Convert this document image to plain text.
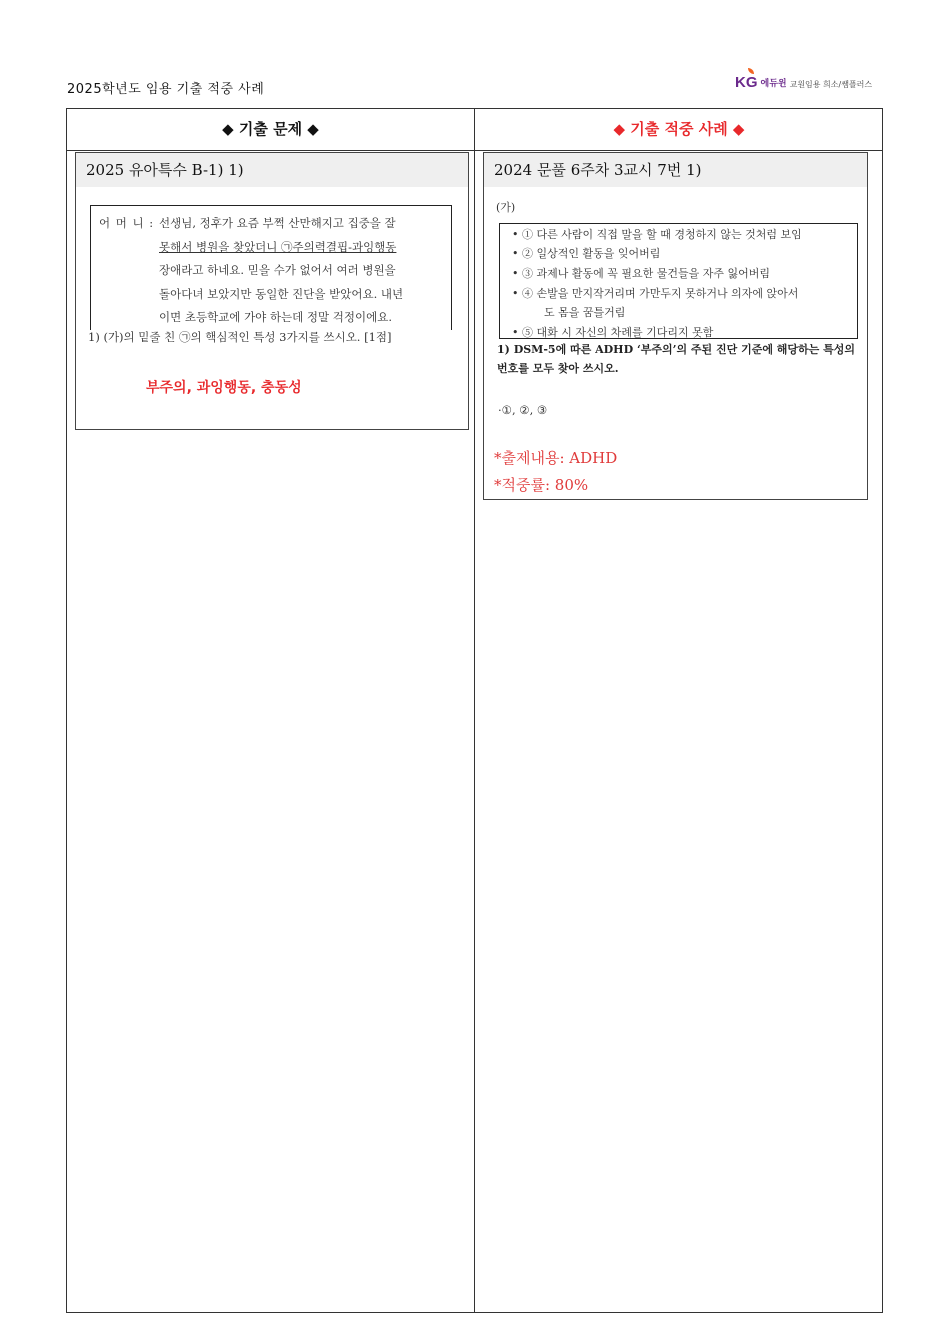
2025학년도 임용 기출 적중 사례	KG 에듀윈 교원임용 희소/쌤플러스
◆ 기출 문제 ◆	◆ 기출 적중 사례 ◆
2025 유아특수 B-1) 1)
어 머 니 : 선생님, 정후가 요즘 부쩍 산만해지고 집중을 잘
못해서 병원을 찾았더니 ㉠주의력결핍-과잉행동
장애라고 하네요. 믿을 수가 없어서 여러 병원을
돌아다녀 보았지만 동일한 진단을 받았어요. 내년
이면 초등학교에 가야 하는데 정말 걱정이에요.
1) (가)의 밑줄 친 ㉠의 핵심적인 특성 3가지를 쓰시오. [1점]
부주의, 과잉행동, 충동성
2024 문풀 6주차 3교시 7번 1)
(가)
• ① 다른 사람이 직접 말을 할 때 경청하지 않는 것처럼 보임
• ② 일상적인 활동을 잊어버림
• ③ 과제나 활동에 꼭 필요한 물건들을 자주 잃어버림
• ④ 손발을 만지작거리며 가만두지 못하거나 의자에 앉아서
도 몸을 꿈틀거림
• ⑤ 대화 시 자신의 차례를 기다리지 못함
1) DSM-5에 따른 ADHD ‘부주의’의 주된 진단 기준에 해당하는 특성의 번호를 모두 찾아 쓰시오.
·①, ②, ③
*출제내용: ADHD
*적중률: 80%
